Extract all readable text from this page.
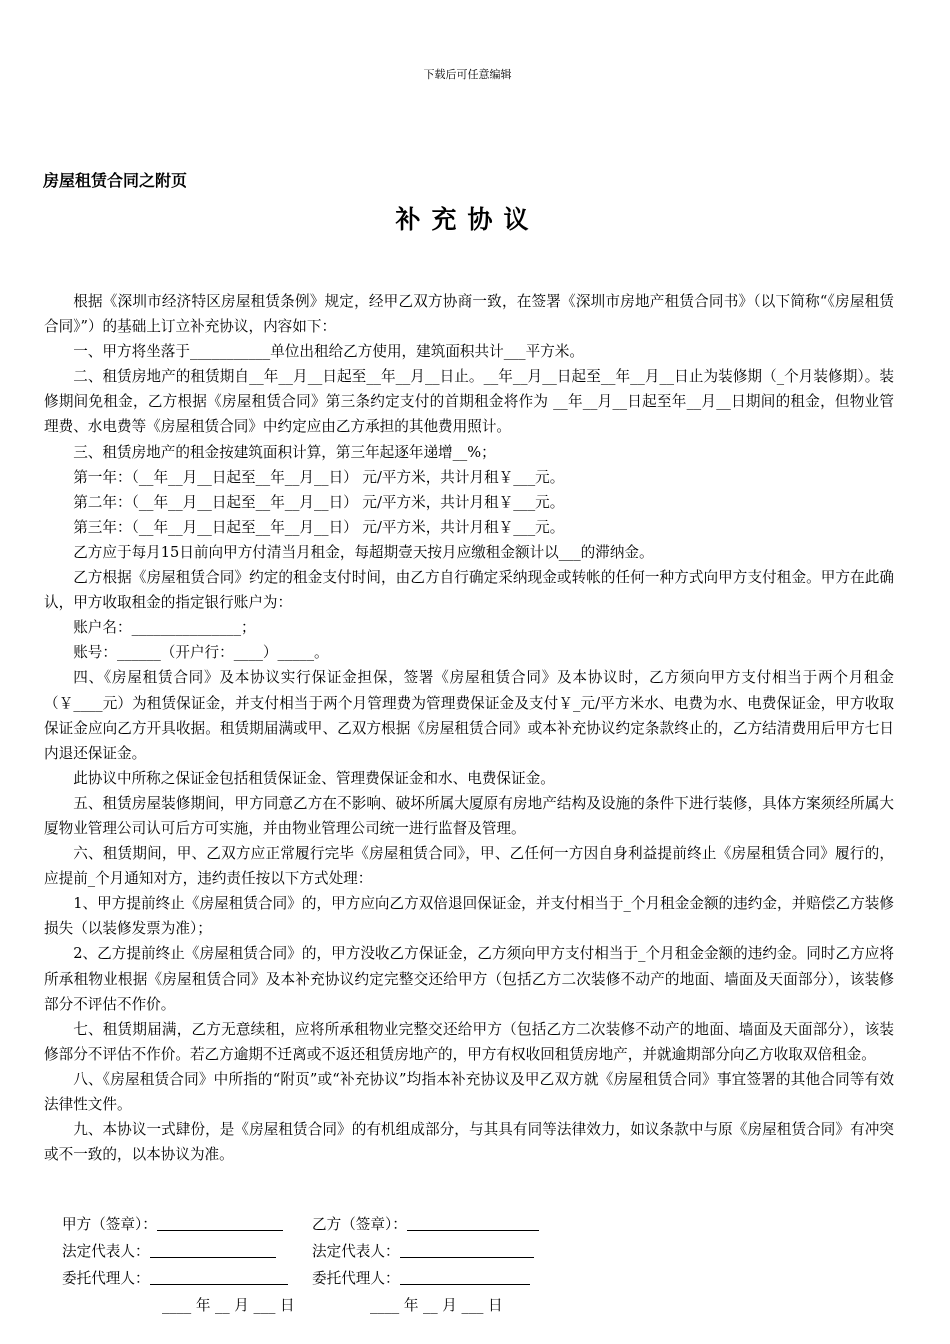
下载后可任意编辑
房屋租赁合同之附页
补充协议

根据《深圳市经济特区房屋租赁条例》规定，经甲乙双方协商一致，在签署《深圳市房地产租赁合同书》（以下简称“《房屋租赁合同》”）的基础上订立补充协议，内容如下：

一、甲方将坐落于___________单位出租给乙方使用，建筑面积共计___平方米。

二、租赁房地产的租赁期自__年__月__日起至__年__月__日止。__年__月__日起至__年__月__日止为装修期（_个月装修期）。装修期间免租金，乙方根据《房屋租赁合同》第三条约定支付的首期租金将作为 __年__月__日起至年__月__日期间的租金，但物业管理费、水电费等《房屋租赁合同》中约定应由乙方承担的其他费用照计。

三、租赁房地产的租金按建筑面积计算，第三年起逐年递增__%；

第一年：（__年__月__日起至__年__月__日） 元/平方米，共计月租￥___元。

第二年：（__年__月__日起至__年__月__日） 元/平方米，共计月租￥___元。

第三年：（__年__月__日起至__年__月__日） 元/平方米，共计月租￥___元。

乙方应于每月15日前向甲方付清当月租金，每超期壹天按月应缴租金额计以___的滞纳金。

乙方根据《房屋租赁合同》约定的租金支付时间，由乙方自行确定采纳现金或转帐的任何一种方式向甲方支付租金。甲方在此确认，甲方收取租金的指定银行账户为：

账户名：_______________；

账号：______（开户行：____）_____。

四、《房屋租赁合同》及本协议实行保证金担保，签署《房屋租赁合同》及本协议时，乙方须向甲方支付相当于两个月租金（￥____元）为租赁保证金，并支付相当于两个月管理费为管理费保证金及支付￥_元/平方米水、电费为水、电费保证金，甲方收取保证金应向乙方开具收据。租赁期届满或甲、乙双方根据《房屋租赁合同》或本补充协议约定条款终止的，乙方结清费用后甲方七日内退还保证金。

此协议中所称之保证金包括租赁保证金、管理费保证金和水、电费保证金。

五、租赁房屋装修期间，甲方同意乙方在不影响、破坏所属大厦原有房地产结构及设施的条件下进行装修，具体方案须经所属大厦物业管理公司认可后方可实施，并由物业管理公司统一进行监督及管理。

六、租赁期间，甲、乙双方应正常履行完毕《房屋租赁合同》，甲、乙任何一方因自身利益提前终止《房屋租赁合同》履行的，应提前_个月通知对方，违约责任按以下方式处理：

1、甲方提前终止《房屋租赁合同》的，甲方应向乙方双倍退回保证金，并支付相当于_个月租金金额的违约金，并赔偿乙方装修损失（以装修发票为准）；

2、乙方提前终止《房屋租赁合同》的，甲方没收乙方保证金，乙方须向甲方支付相当于_个月租金金额的违约金。同时乙方应将所承租物业根据《房屋租赁合同》及本补充协议约定完整交还给甲方（包括乙方二次装修不动产的地面、墙面及天面部分），该装修部分不评估不作价。

七、租赁期届满，乙方无意续租，应将所承租物业完整交还给甲方（包括乙方二次装修不动产的地面、墙面及天面部分），该装修部分不评估不作价。若乙方逾期不迁离或不返还租赁房地产的，甲方有权收回租赁房地产，并就逾期部分向乙方收取双倍租金。

八、《房屋租赁合同》中所指的“附页”或“补充协议”均指本补充协议及甲乙双方就《房屋租赁合同》事宜签署的其他合同等有效法律性文件。

九、本协议一式肆份，是《房屋租赁合同》的有机组成部分，与其具有同等法律效力，如议条款中与原《房屋租赁合同》有冲突或不一致的，以本协议为准。

甲方（签章）：	乙方（签章）：
法定代表人：	法定代表人：
委托代理人：	委托代理人：
____ 年 __ 月 ___ 日	____ 年 __ 月 ___ 日
